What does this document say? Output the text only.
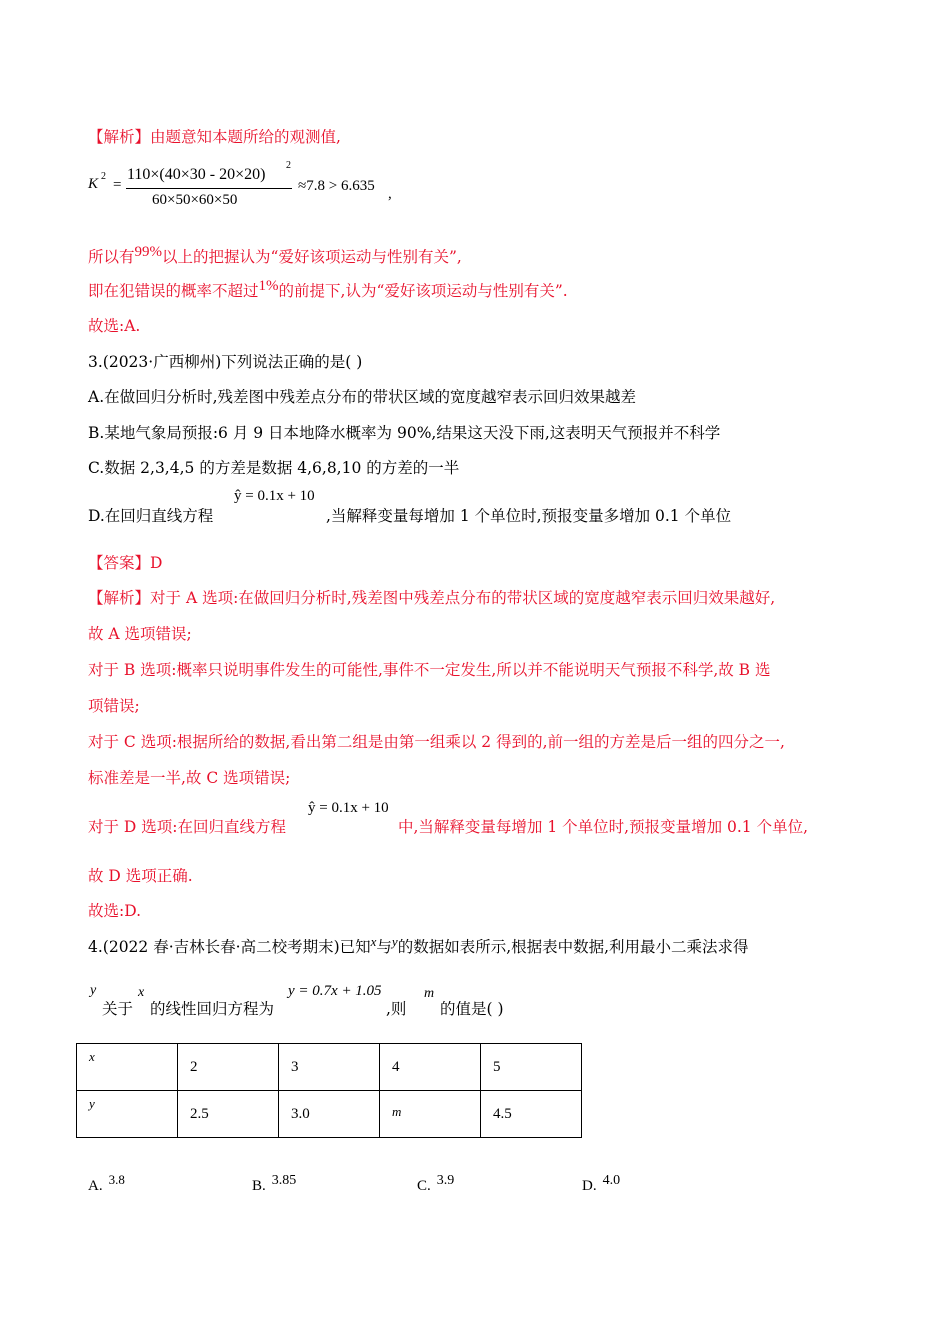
【解析】由题意知本题所给的观测值,
K 2
=
110×(40×30 - 20×20)
2
60×50×60×50
≈7.8 > 6.635 ,
所以有99%以上的把握认为“爱好该项运动与性别有关”,
即在犯错误的概率不超过1%的前提下,认为“爱好该项运动与性别有关”.
故选:A.
3.(2023·广西柳州)下列说法正确的是( )
A.在做回归分析时,残差图中残差点分布的带状区域的宽度越窄表示回归效果越差
B.某地气象局预报:6 月 9 日本地降水概率为 90%,结果这天没下雨,这表明天气预报并不科学
C.数据 2,3,4,5 的方差是数据 4,6,8,10 的方差的一半
D.在回归直线方程
ŷ = 0.1x + 10
,当解释变量每增加 1 个单位时,预报变量多增加 0.1 个单位
【答案】D
【解析】对于 A 选项:在做回归分析时,残差图中残差点分布的带状区域的宽度越窄表示回归效果越好,
故 A 选项错误;
对于 B 选项:概率只说明事件发生的可能性,事件不一定发生,所以并不能说明天气预报不科学,故 B 选
项错误;
对于 C 选项:根据所给的数据,看出第二组是由第一组乘以 2 得到的,前一组的方差是后一组的四分之一,
标准差是一半,故 C 选项错误;
对于 D 选项:在回归直线方程
ŷ = 0.1x + 10
中,当解释变量每增加 1 个单位时,预报变量增加 0.1 个单位,
故 D 选项正确.
故选:D.
4.(2022 春·吉林长春·高二校考期末)已知$^x$与$^y$的数据如表所示,根据表中数据,利用最小二乘法求得
y
关于
x
的线性回归方程为
y = 0.7x + 1.05
,则
m
的值是( )
x	2	3	4	5
y	2.5	3.0	m	4.5
A. 3.8	B. 3.85	C. 3.9	D. 4.0
